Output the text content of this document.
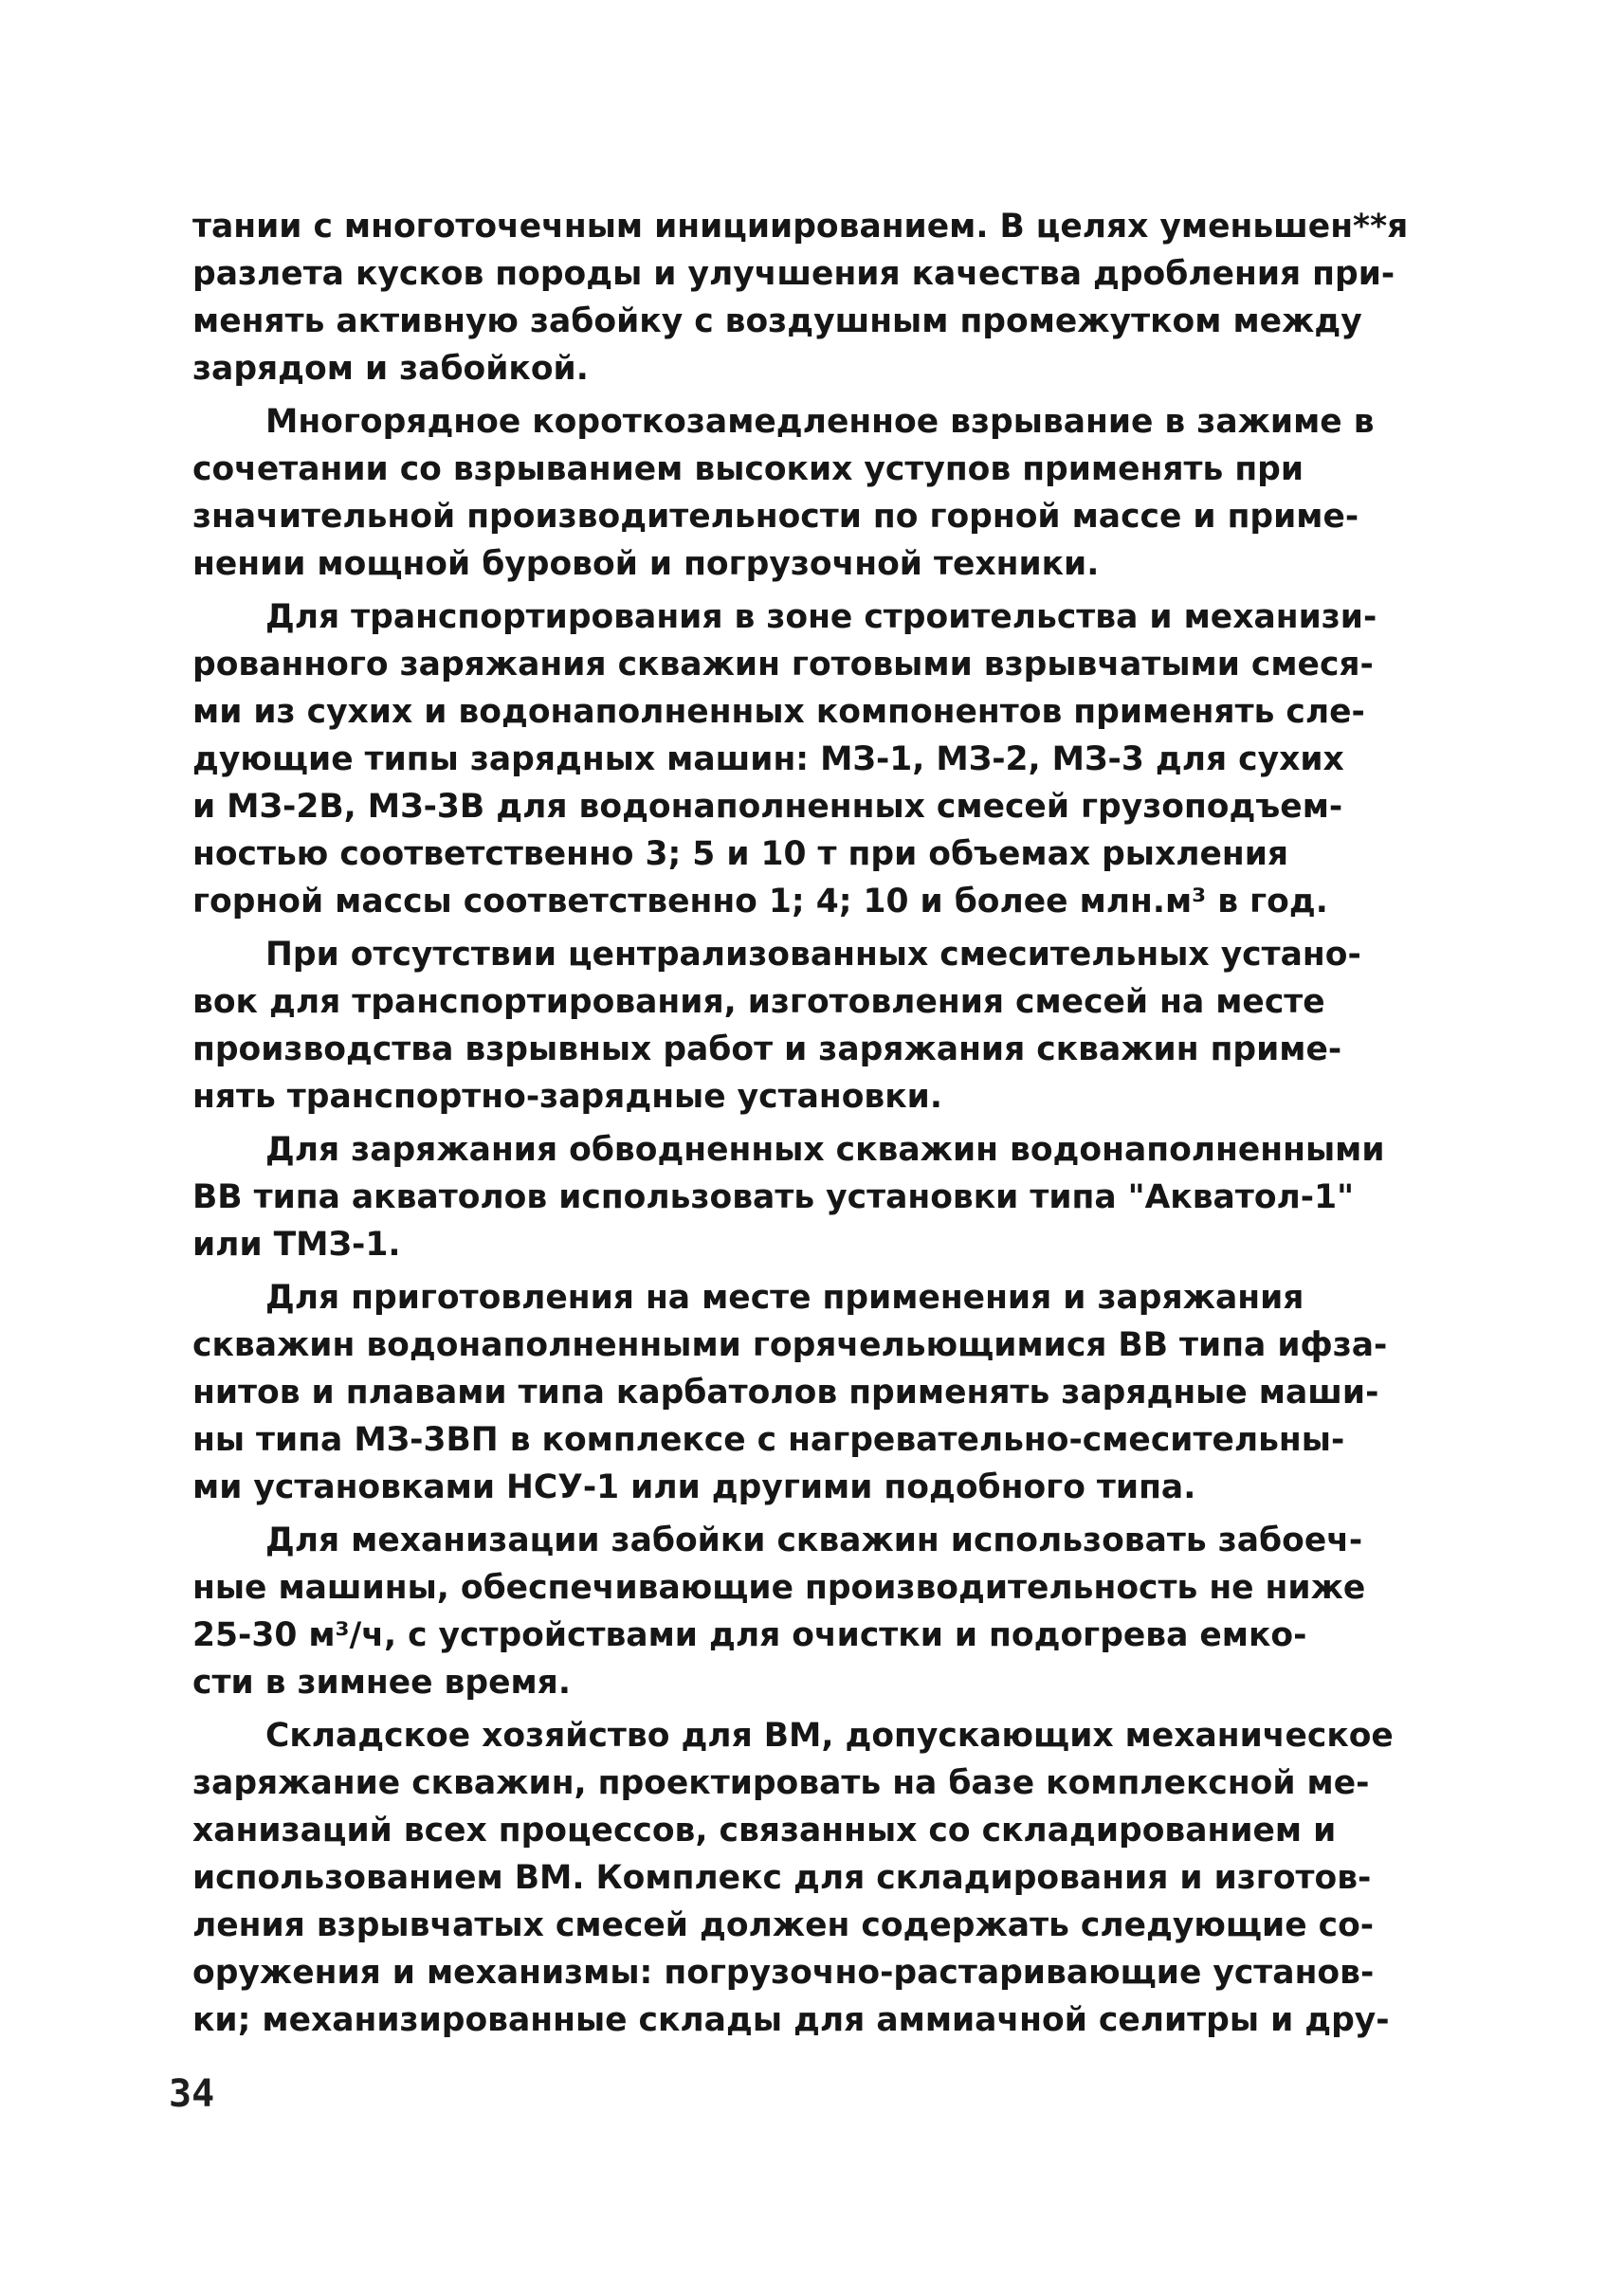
тании с многоточечным инициированием. В целях уменьшен**я
разлета кусков породы и улучшения качества дробления при-
менять активную забойку с воздушным промежутком между
зарядом и забойкой.
Многорядное короткозамедленное взрывание в зажиме в
сочетании со взрыванием высоких уступов применять при
значительной производительности по горной массе и приме-
нении мощной буровой и погрузочной техники.
Для транспортирования в зоне строительства и механизи-
рованного заряжания скважин готовыми взрывчатыми смеся-
ми из сухих и водонаполненных компонентов применять сле-
дующие типы зарядных машин: МЗ-1, МЗ-2, МЗ-3 для сухих
и МЗ-2В, МЗ-3В для водонаполненных смесей грузоподъем-
ностью соответственно 3; 5 и 10 т при объемах рыхления
горной массы соответственно 1; 4; 10 и более млн.м³ в год.
При отсутствии централизованных смесительных устано-
вок для транспортирования, изготовления смесей на месте
производства взрывных работ и заряжания скважин приме-
нять транспортно-зарядные установки.
Для заряжания обводненных скважин водонаполненными
ВВ типа акватолов использовать установки типа "Акватол-1"
или ТМЗ-1.
Для приготовления на месте применения и заряжания
скважин водонаполненными горячельющимися ВВ типа ифза-
нитов и плавами типа карбатолов применять зарядные маши-
ны типа МЗ-3ВП в комплексе с нагревательно-смесительны-
ми установками НСУ-1 или другими подобного типа.
Для механизации забойки скважин использовать забоеч-
ные машины, обеспечивающие производительность не ниже
25-30 м³/ч, с устройствами для очистки и подогрева емко-
сти в зимнее время.
Складское хозяйство для ВМ, допускающих механическое
заряжание скважин, проектировать на базе комплексной ме-
ханизаций всех процессов, связанных со складированием и
использованием ВМ. Комплекс для складирования и изготов-
ления взрывчатых смесей должен содержать следующие со-
оружения и механизмы: погрузочно-растаривающие установ-
ки; механизированные склады для аммиачной селитры и дру-
34
